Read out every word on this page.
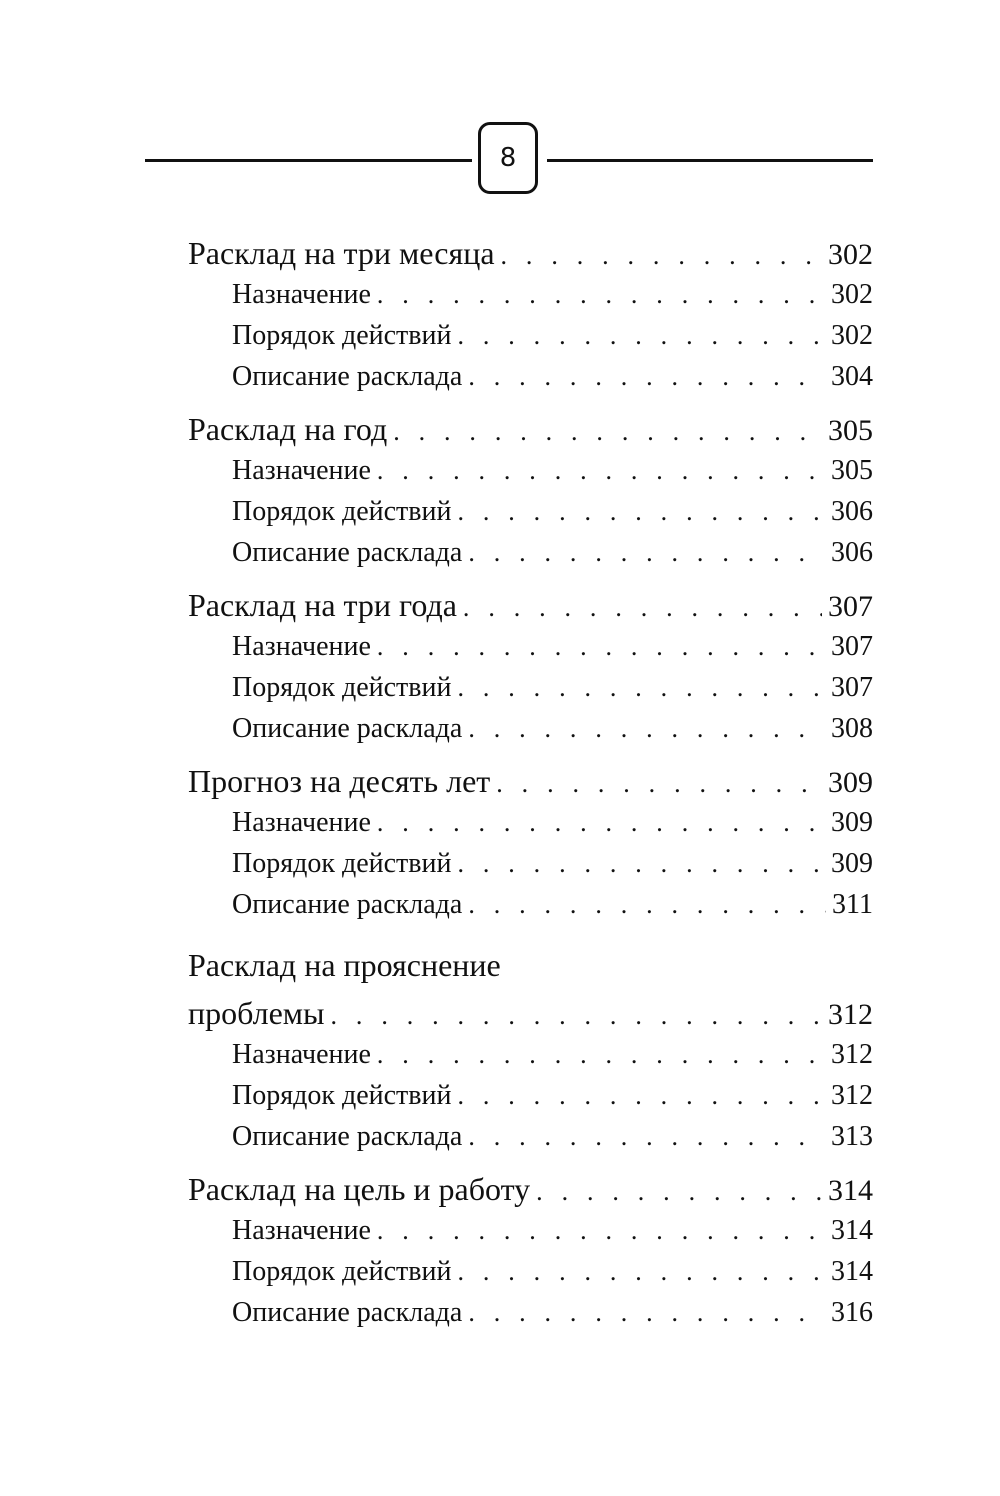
8
Расклад на три месяца . . .	302
Назначение . . .	302
Порядок действий . . .	302
Описание расклада . . .	304
Расклад на год . . .	305
Назначение . . .	305
Порядок действий . . .	306
Описание расклада . . .	306
Расклад на три года . . .	307
Назначение . . .	307
Порядок действий . . .	307
Описание расклада . . .	308
Прогноз на десять лет . . .	309
Назначение . . .	309
Порядок действий . . .	309
Описание расклада . . .	311
Расклад на прояснение
проблемы . . .	312
Назначение . . .	312
Порядок действий . . .	312
Описание расклада . . .	313
Расклад на цель и работу . . .	314
Назначение . . .	314
Порядок действий . . .	314
Описание расклада . . .	316
